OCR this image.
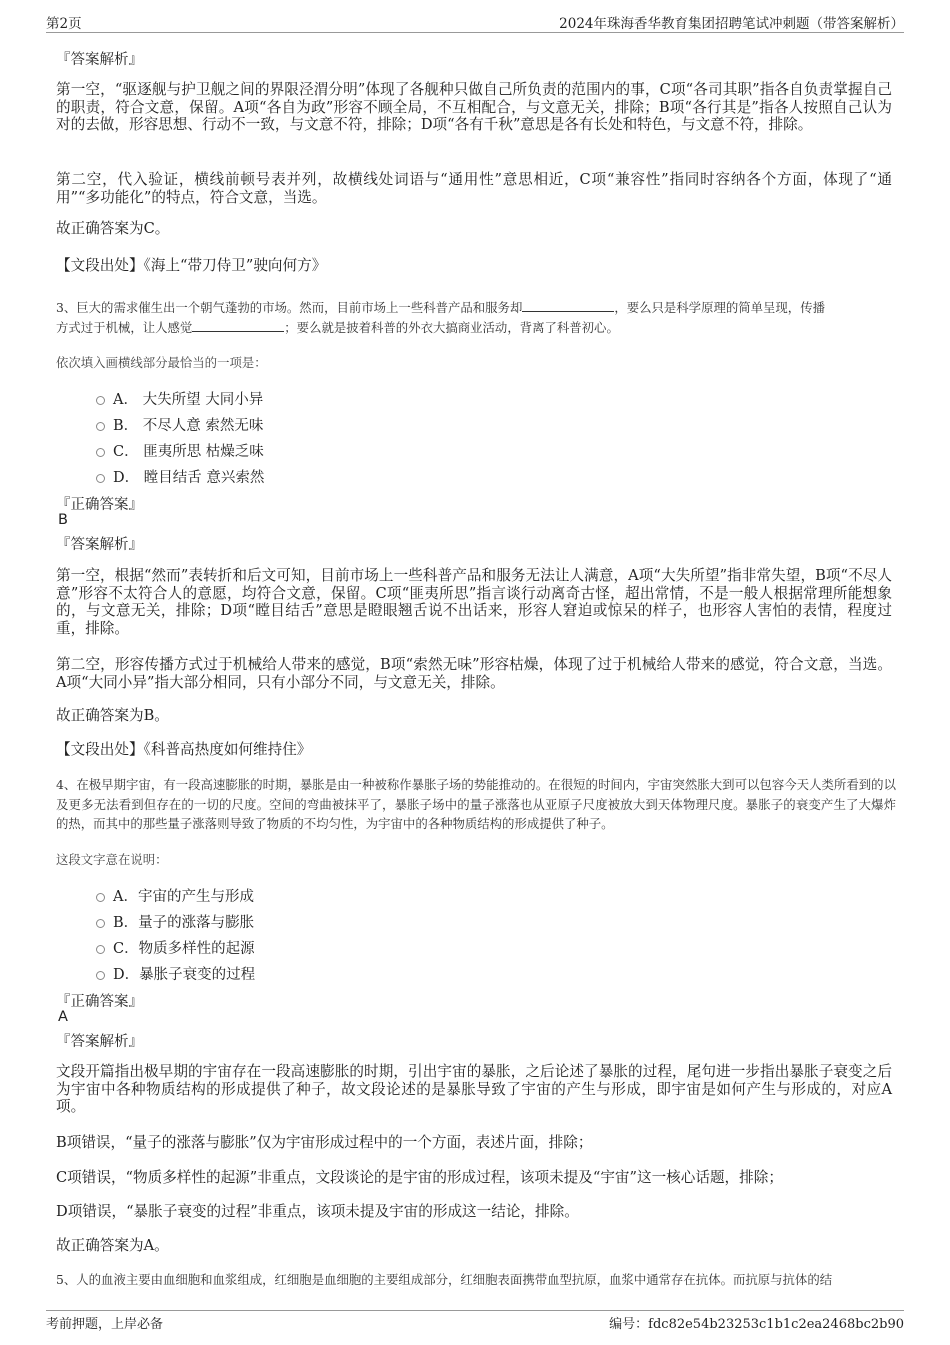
第2页	2024年珠海香华教育集团招聘笔试冲刺题（带答案解析）
『答案解析』
第一空，“驱逐舰与护卫舰之间的界限泾渭分明”体现了各舰种只做自己所负责的范围内的事，C项“各司其职”指各自负责掌握自己的职责，符合文意，保留。A项“各自为政”形容不顾全局，不互相配合，与文意无关，排除；B项“各行其是”指各人按照自己认为对的去做，形容思想、行动不一致，与文意不符，排除；D项“各有千秋”意思是各有长处和特色，与文意不符，排除。
第二空，代入验证，横线前顿号表并列，故横线处词语与“通用性”意思相近，C项“兼容性”指同时容纳各个方面，体现了“通用”“多功能化”的特点，符合文意，当选。
故正确答案为C。
【文段出处】《海上“带刀侍卫”驶向何方》
3、巨大的需求催生出一个朝气蓬勃的市场。然而，目前市场上一些科普产品和服务却	，要么只是科学原理的简单呈现，传播
方式过于机械，让人感觉	；要么就是披着科普的外衣大搞商业活动，背离了科普初心。
依次填入画横线部分最恰当的一项是：
A． 大失所望 大同小异
B． 不尽人意 索然无味
C． 匪夷所思 枯燥乏味
D． 瞠目结舌 意兴索然
『正确答案』
B
『答案解析』
第一空，根据“然而”表转折和后文可知，目前市场上一些科普产品和服务无法让人满意，A项“大失所望”指非常失望，B项“不尽人意”形容不太符合人的意愿，均符合文意，保留。C项“匪夷所思”指言谈行动离奇古怪，超出常情，不是一般人根据常理所能想象的，与文意无关，排除；D项“瞠目结舌”意思是瞪眼翘舌说不出话来，形容人窘迫或惊呆的样子，也形容人害怕的表情，程度过重，排除。
第二空，形容传播方式过于机械给人带来的感觉，B项“索然无味”形容枯燥，体现了过于机械给人带来的感觉，符合文意，当选。A项“大同小异”指大部分相同，只有小部分不同，与文意无关，排除。
故正确答案为B。
【文段出处】《科普高热度如何维持住》
4、在极早期宇宙，有一段高速膨胀的时期，暴胀是由一种被称作暴胀子场的势能推动的。在很短的时间内，宇宙突然胀大到可以包容今天人类所看到的以及更多无法看到但存在的一切的尺度。空间的弯曲被抹平了，暴胀子场中的量子涨落也从亚原子尺度被放大到天体物理尺度。暴胀子的衰变产生了大爆炸的热，而其中的那些量子涨落则导致了物质的不均匀性，为宇宙中的各种物质结构的形成提供了种子。
这段文字意在说明：
A．宇宙的产生与形成
B．量子的涨落与膨胀
C．物质多样性的起源
D．暴胀子衰变的过程
『正确答案』
A
『答案解析』
文段开篇指出极早期的宇宙存在一段高速膨胀的时期，引出宇宙的暴胀，之后论述了暴胀的过程，尾句进一步指出暴胀子衰变之后为宇宙中各种物质结构的形成提供了种子，故文段论述的是暴胀导致了宇宙的产生与形成，即宇宙是如何产生与形成的，对应A项。
B项错误，“量子的涨落与膨胀”仅为宇宙形成过程中的一个方面，表述片面，排除；
C项错误，“物质多样性的起源”非重点，文段谈论的是宇宙的形成过程，该项未提及“宇宙”这一核心话题，排除；
D项错误，“暴胀子衰变的过程”非重点，该项未提及宇宙的形成这一结论，排除。
故正确答案为A。
5、人的血液主要由血细胞和血浆组成，红细胞是血细胞的主要组成部分，红细胞表面携带血型抗原，血浆中通常存在抗体。而抗原与抗体的结
考前押题，上岸必备	编号：fdc82e54b23253c1b1c2ea2468bc2b90
